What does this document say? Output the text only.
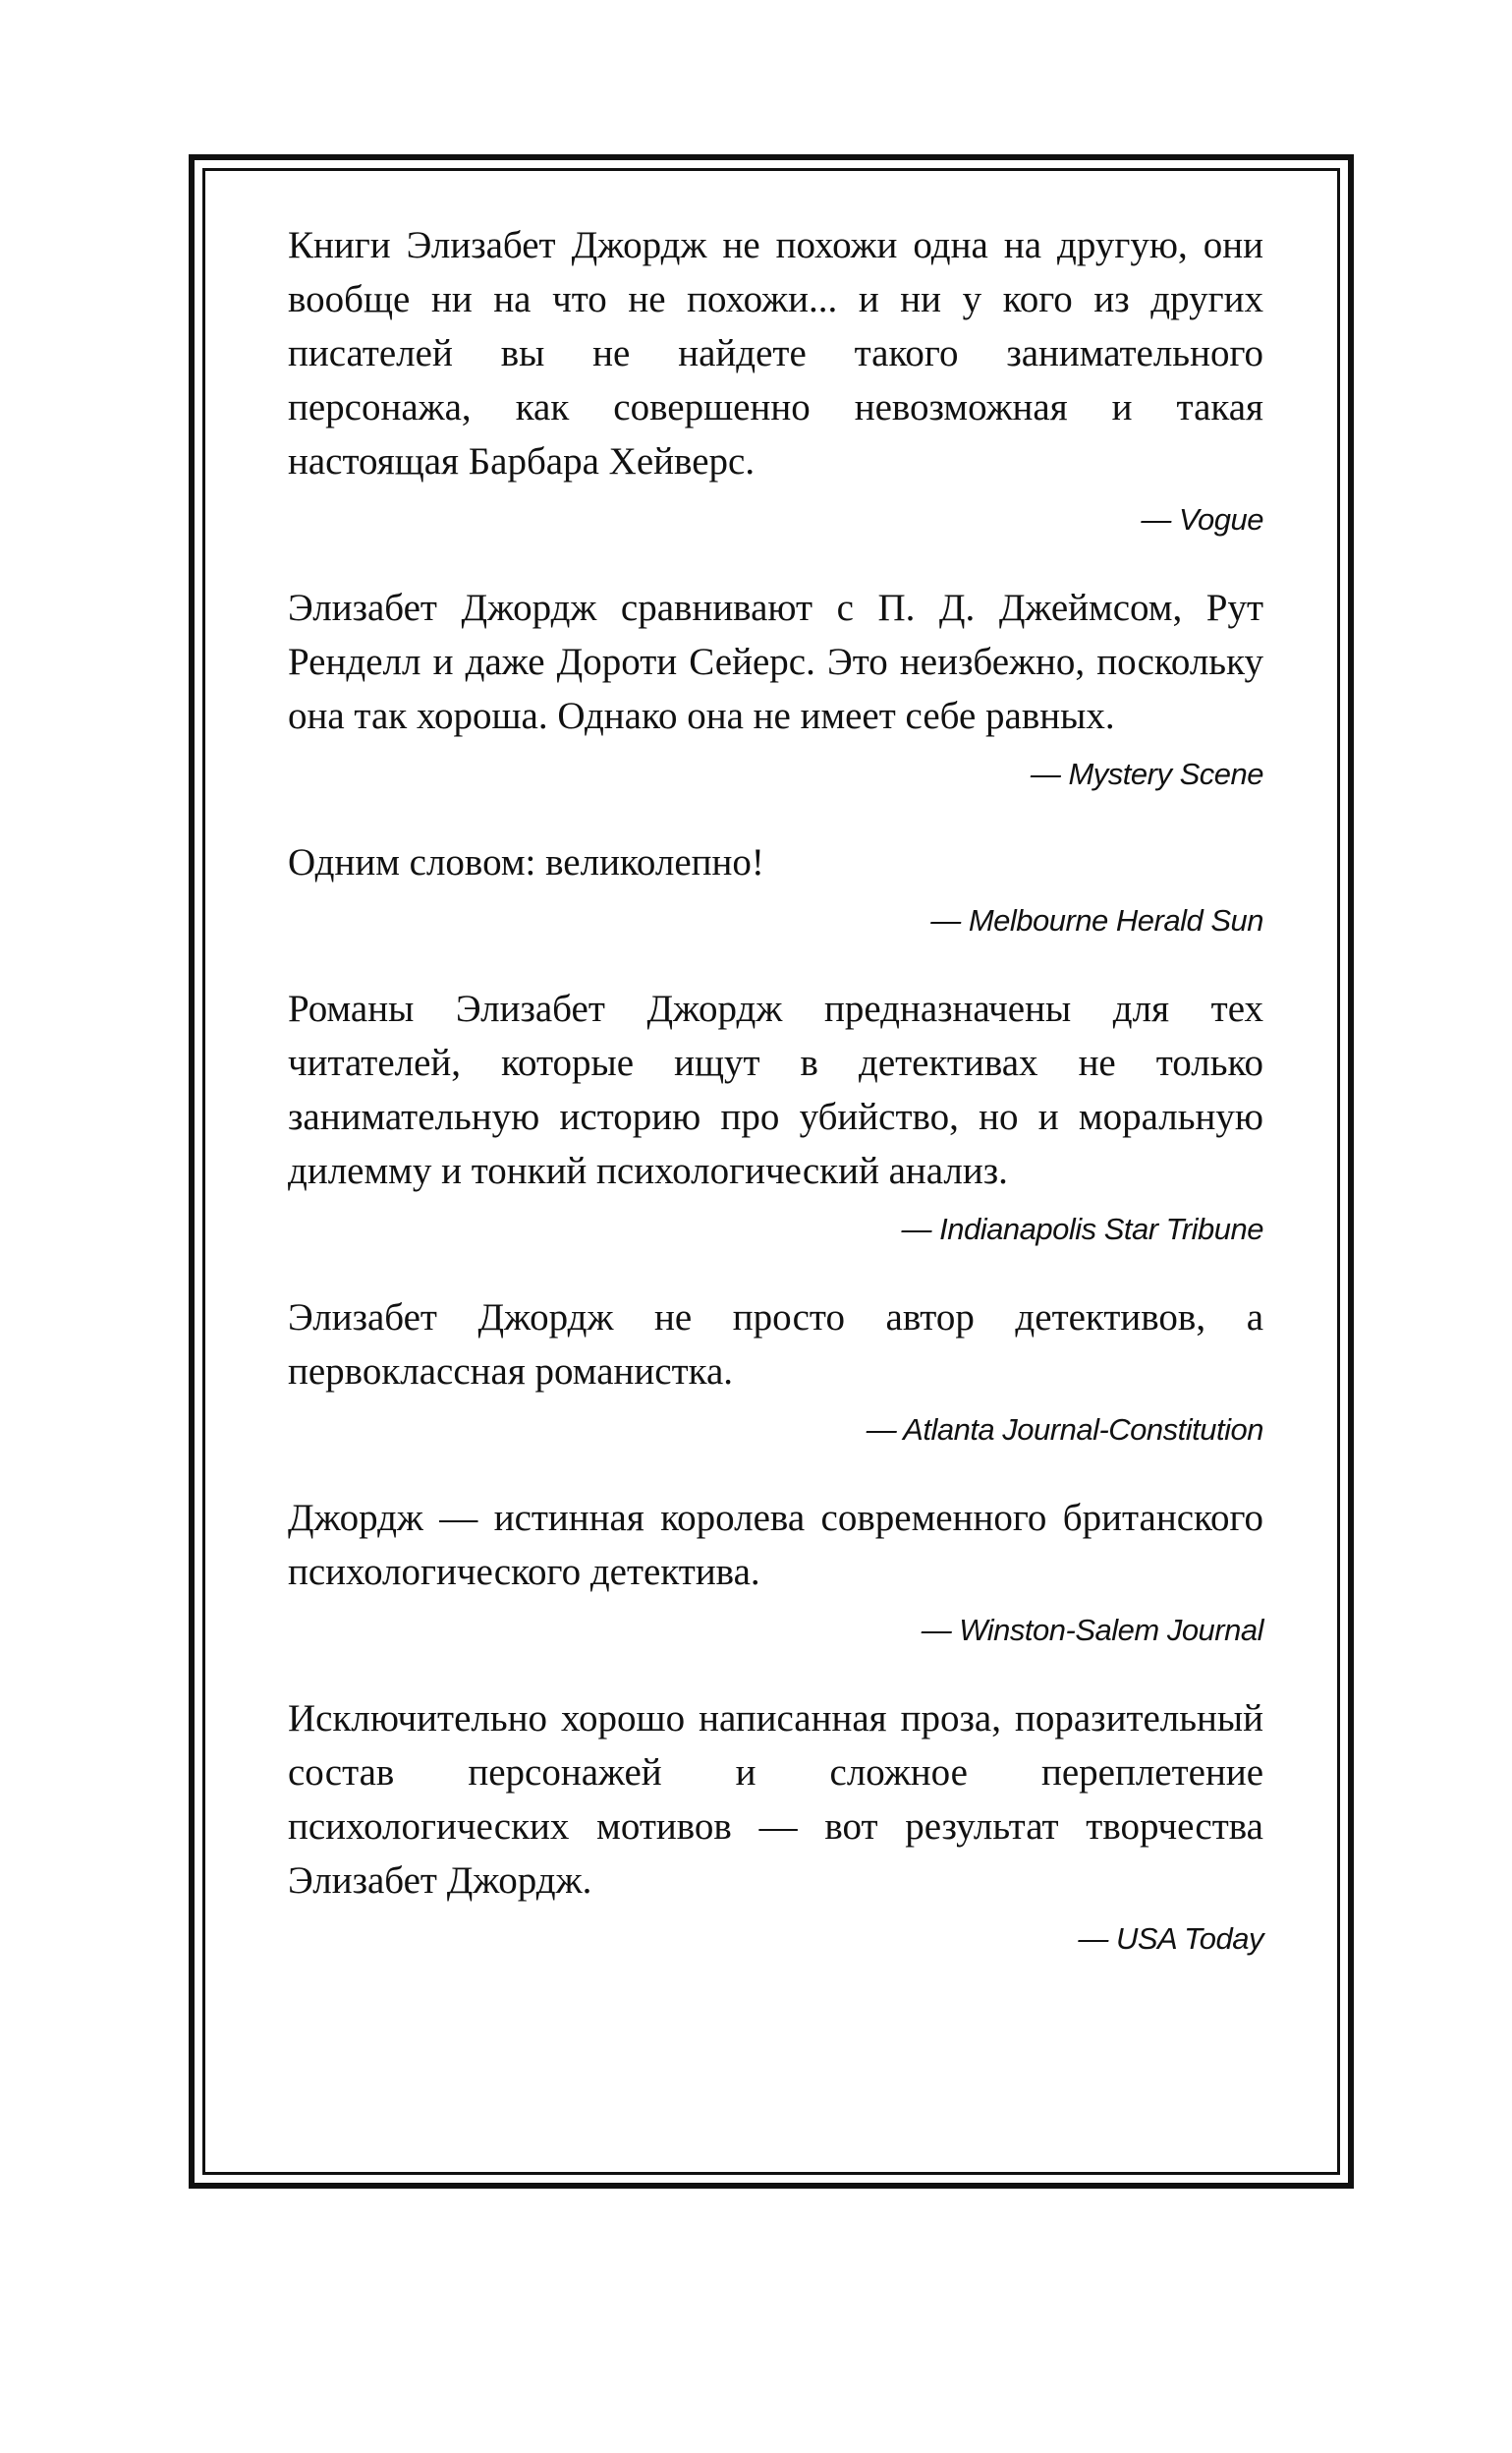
Книги Элизабет Джордж не похожи одна на другую, они вообще ни на что не похожи... и ни у кого из других писателей вы не найдете такого занимательного персонажа, как совершенно невозможная и такая настоящая Барбара Хейверс.

— Vogue

Элизабет Джордж сравнивают с П. Д. Джеймсом, Рут Ренделл и даже Дороти Сейерс. Это неизбежно, поскольку она так хороша. Однако она не имеет себе равных.

— Mystery Scene

Одним словом: великолепно!

— Melbourne Herald Sun

Романы Элизабет Джордж предназначены для тех читателей, которые ищут в детективах не только занимательную историю про убийство, но и моральную дилемму и тонкий психологический анализ.

— Indianapolis Star Tribune

Элизабет Джордж не просто автор детективов, а первоклассная романистка.

— Atlanta Journal-Constitution

Джордж — истинная королева современного британского психологического детектива.

— Winston-Salem Journal

Исключительно хорошо написанная проза, поразительный состав персонажей и сложное переплетение психологических мотивов — вот результат творчества Элизабет Джордж.

— USA Today
